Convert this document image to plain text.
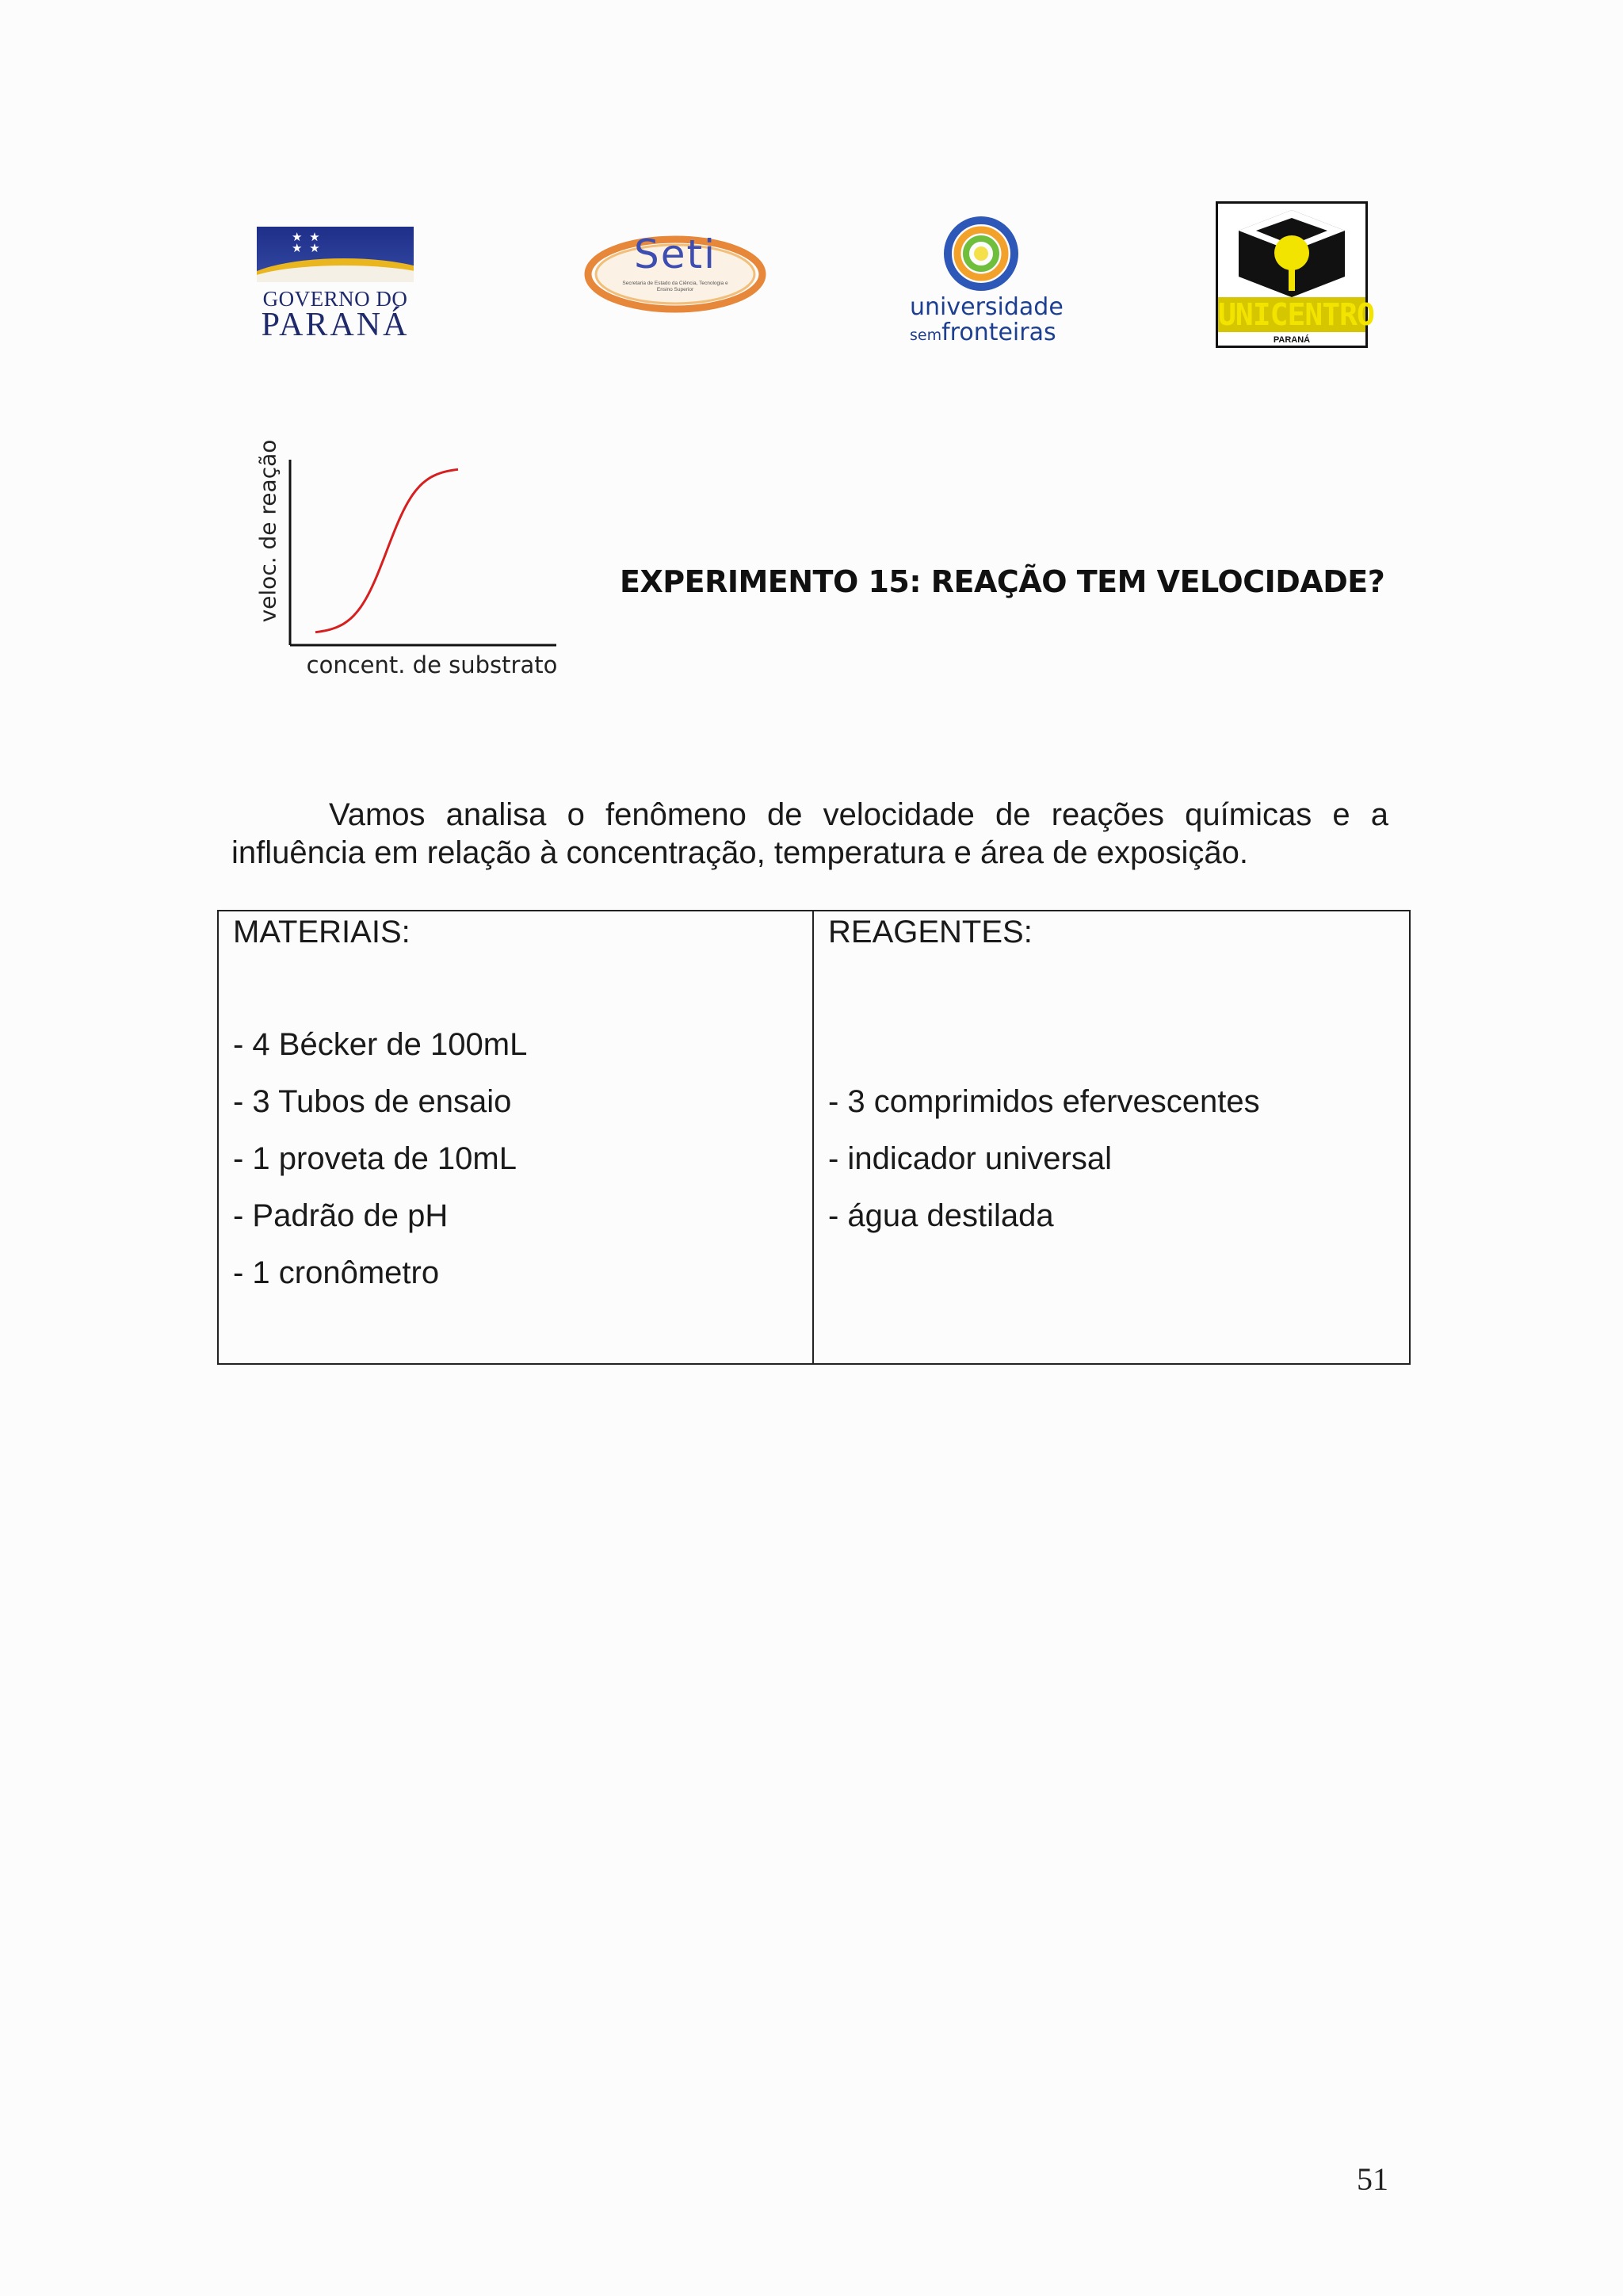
★ ★
★ ★
GOVERNO DO
PARANÁ
Seti
Secretaria de Estado da Ciência, Tecnologia e Ensino Superior
universidade
semfronteiras
UNICENTRO
PARANÁ
veloc. de reação
concent. de substrato
EXPERIMENTO 15: REAÇÃO TEM VELOCIDADE?
Vamos analisa o fenômeno de velocidade de reações químicas e a influência em relação à concentração, temperatura e área de exposição.
MATERIAIS:
- 4 Bécker de 100mL
- 3 Tubos de ensaio
- 1 proveta de 10mL
- Padrão de pH
- 1 cronômetro
REAGENTES:
- 3 comprimidos efervescentes
- indicador universal
- água destilada
51
